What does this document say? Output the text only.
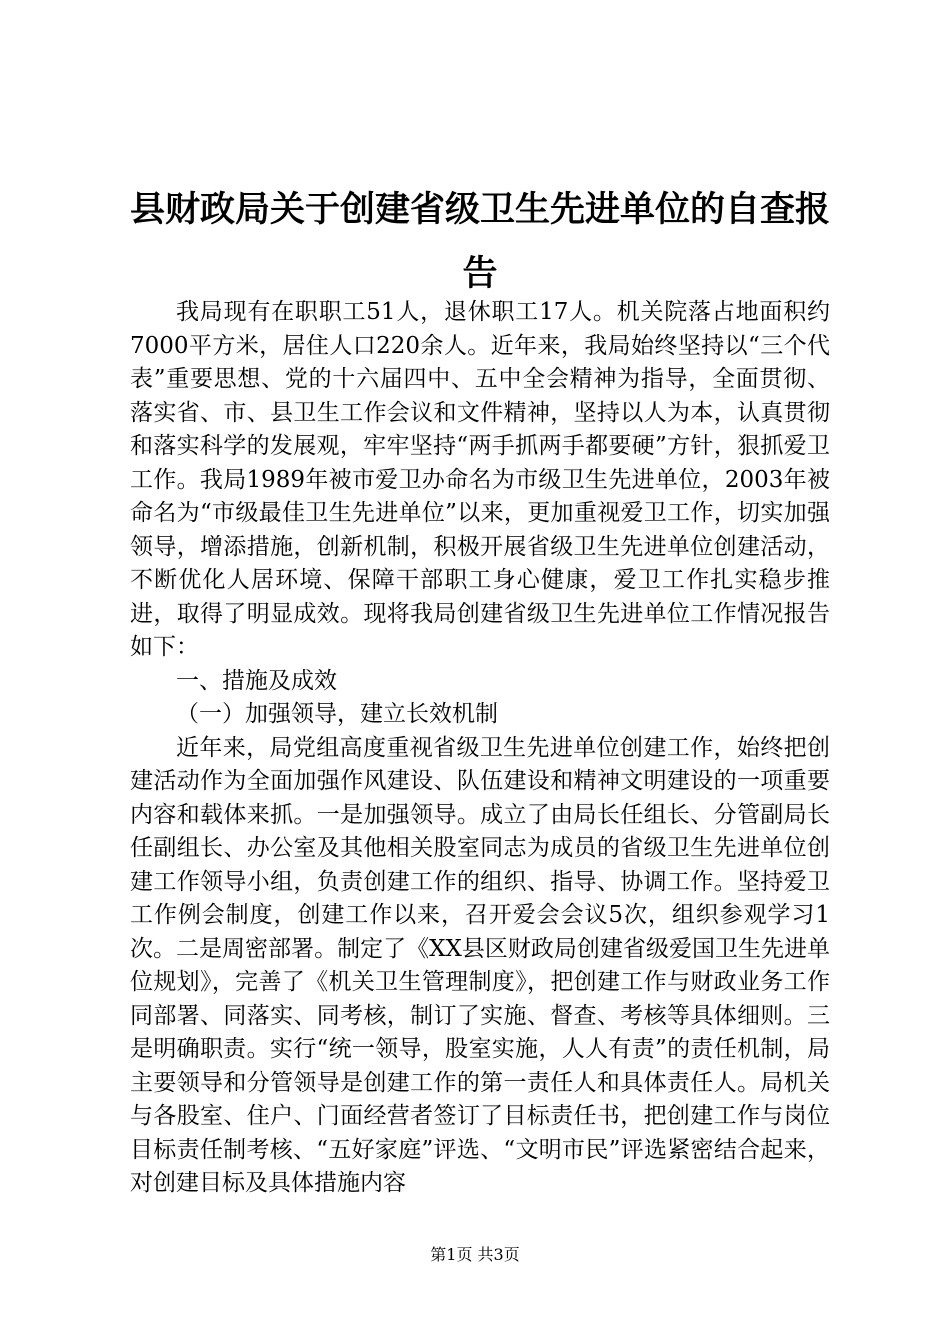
县财政局关于创建省级卫生先进单位的自查报告

我局现有在职职工51人，退休职工17人。机关院落占地面积约7000平方米，居住人口220余人。近年来，我局始终坚持以“三个代表”重要思想、党的十六届四中、五中全会精神为指导，全面贯彻、落实省、市、县卫生工作会议和文件精神，坚持以人为本，认真贯彻和落实科学的发展观，牢牢坚持“两手抓两手都要硬”方针，狠抓爱卫工作。我局1989年被市爱卫办命名为市级卫生先进单位，2003年被命名为“市级最佳卫生先进单位”以来，更加重视爱卫工作，切实加强领导，增添措施，创新机制，积极开展省级卫生先进单位创建活动，不断优化人居环境、保障干部职工身心健康，爱卫工作扎实稳步推进，取得了明显成效。现将我局创建省级卫生先进单位工作情况报告如下：

一、措施及成效

（一）加强领导，建立长效机制

近年来，局党组高度重视省级卫生先进单位创建工作，始终把创建活动作为全面加强作风建设、队伍建设和精神文明建设的一项重要内容和载体来抓。一是加强领导。成立了由局长任组长、分管副局长任副组长、办公室及其他相关股室同志为成员的省级卫生先进单位创建工作领导小组，负责创建工作的组织、指导、协调工作。坚持爱卫工作例会制度，创建工作以来，召开爱会会议5次，组织参观学习1次。二是周密部署。制定了《XX县区财政局创建省级爱国卫生先进单位规划》，完善了《机关卫生管理制度》，把创建工作与财政业务工作同部署、同落实、同考核，制订了实施、督查、考核等具体细则。三是明确职责。实行“统一领导，股室实施，人人有责”的责任机制，局主要领导和分管领导是创建工作的第一责任人和具体责任人。局机关与各股室、住户、门面经营者签订了目标责任书，把创建工作与岗位目标责任制考核、“五好家庭”评选、“文明市民”评选紧密结合起来，对创建目标及具体措施内容

第1页 共3页
